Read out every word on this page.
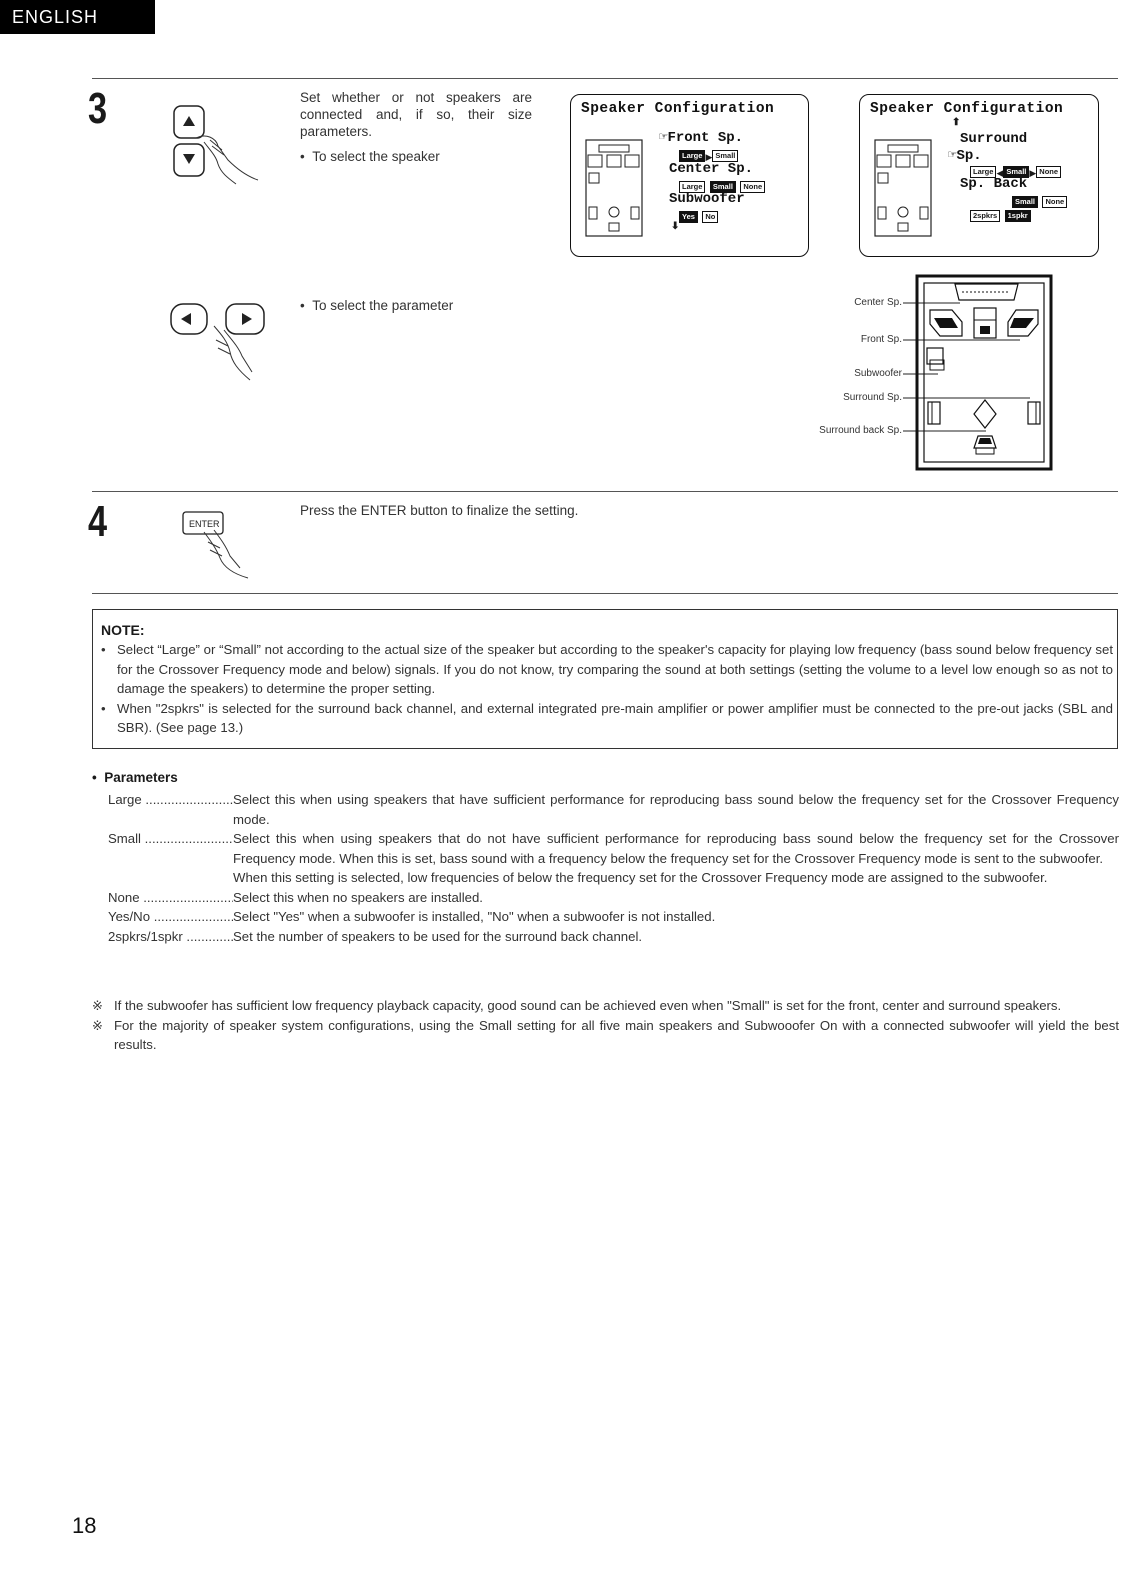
ENGLISH
3	Set whether or not speakers are connected and, if so, their size parameters.
•  To select the speaker
Speaker Configuration
☞Front Sp.
Large ▶ Small
Center Sp.
Large Small None
Subwoofer
Yes No
⬇
Speaker Configuration
⬆
Surround
☞Sp.
Large ◀ Small ▶ None
Sp. Back
Small None
2spkrs 1spkr
•  To select the parameter	Center Sp.
Front Sp.
Subwoofer
Surround Sp.
Surround back Sp.
4	ENTER
Press the ENTER button to finalize the setting.
NOTE:
• Select “Large” or “Small” not according to the actual size of the speaker but according to the speaker's capacity for playing low frequency (bass sound below frequency set for the Crossover Frequency mode and below) signals. If you do not know, try comparing the sound at both settings (setting the volume to a level low enough so as not to damage the speakers) to determine the proper setting.
• When "2spkrs" is selected for the surround back channel, and external integrated pre-main amplifier or power amplifier must be connected to the pre-out jacks (SBL and SBR). (See page 13.)
•  Parameters
Large .....	Select this when using speakers that have sufficient performance for reproducing bass sound below the frequency set for the Crossover Frequency mode.
Small .....	Select this when using speakers that do not have sufficient performance for reproducing bass sound below the frequency set for the Crossover Frequency mode. When this is set, bass sound with a frequency below the frequency set for the Crossover Frequency mode is sent to the subwoofer.
When this setting is selected, low frequencies of below the frequency set for the Crossover Frequency mode are assigned to the subwoofer.
None .....	Select this when no speakers are installed.
Yes/No .....	Select "Yes" when a subwoofer is installed, "No" when a subwoofer is not installed.
2spkrs/1spkr .....	Set the number of speakers to be used for the surround back channel.
※ If the subwoofer has sufficient low frequency playback capacity, good sound can be achieved even when "Small" is set for the front, center and surround speakers.
※ For the majority of speaker system configurations, using the Small setting for all five main speakers and Subwooofer On with a connected subwoofer will yield the best results.
18
